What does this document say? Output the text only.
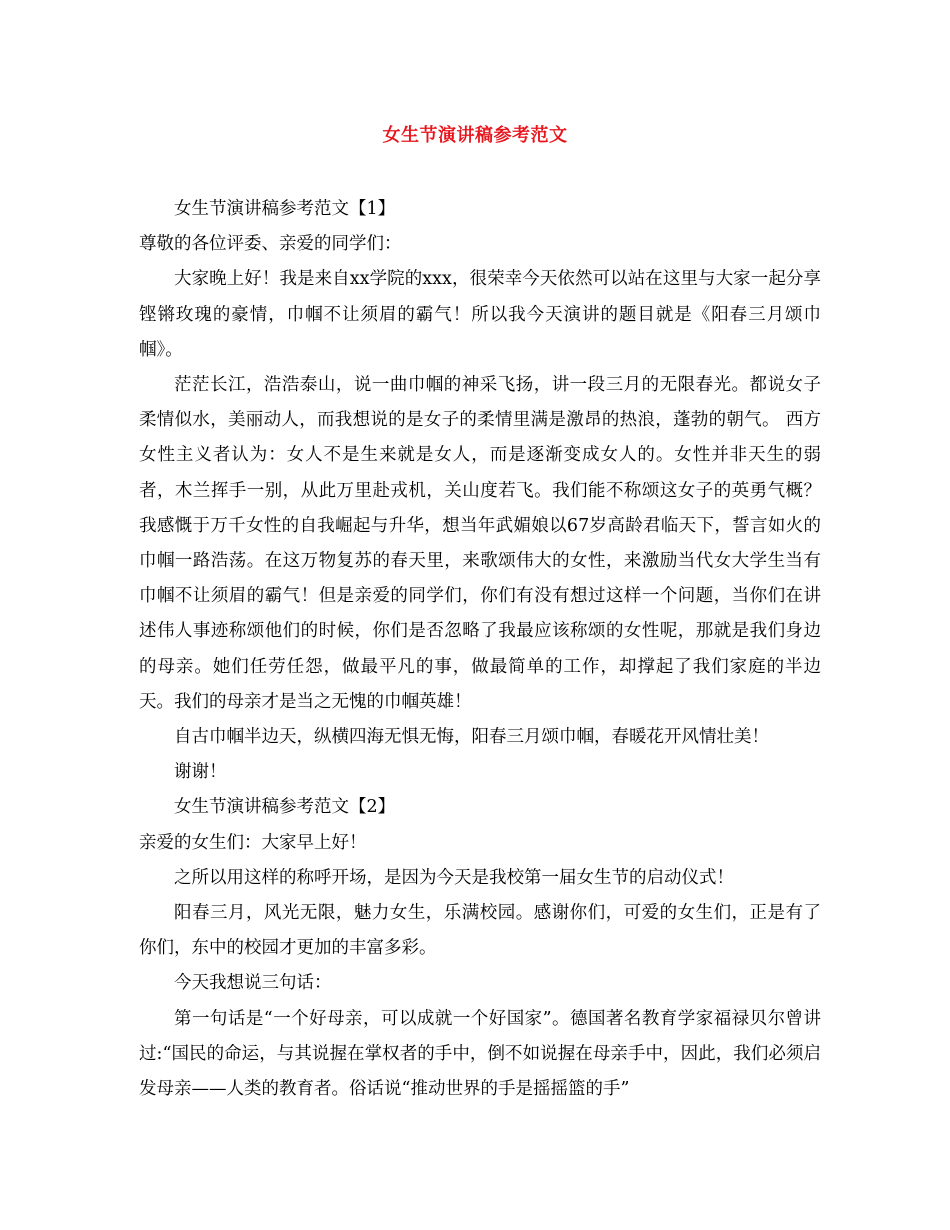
女生节演讲稿参考范文

女生节演讲稿参考范文【1】

尊敬的各位评委、亲爱的同学们：

大家晚上好！我是来自xx学院的xxx，很荣幸今天依然可以站在这里与大家一起分享铿锵玫瑰的豪情，巾帼不让须眉的霸气！所以我今天演讲的题目就是《阳春三月颂巾帼》。

茫茫长江，浩浩泰山，说一曲巾帼的神采飞扬，讲一段三月的无限春光。都说女子柔情似水，美丽动人，而我想说的是女子的柔情里满是激昂的热浪，蓬勃的朝气。 西方女性主义者认为：女人不是生来就是女人，而是逐渐变成女人的。女性并非天生的弱者，木兰挥手一别，从此万里赴戎机，关山度若飞。我们能不称颂这女子的英勇气概？我感慨于万千女性的自我崛起与升华，想当年武媚娘以67岁高龄君临天下，誓言如火的巾帼一路浩荡。在这万物复苏的春天里，来歌颂伟大的女性，来激励当代女大学生当有巾帼不让须眉的霸气！但是亲爱的同学们，你们有没有想过这样一个问题，当你们在讲述伟人事迹称颂他们的时候，你们是否忽略了我最应该称颂的女性呢，那就是我们身边的母亲。她们任劳任怨，做最平凡的事，做最简单的工作，却撑起了我们家庭的半边天。我们的母亲才是当之无愧的巾帼英雄！

自古巾帼半边天，纵横四海无惧无悔，阳春三月颂巾帼，春暖花开风情壮美！

谢谢！

女生节演讲稿参考范文【2】

亲爱的女生们：大家早上好！

之所以用这样的称呼开场，是因为今天是我校第一届女生节的启动仪式！

阳春三月，风光无限，魅力女生，乐满校园。感谢你们，可爱的女生们，正是有了你们，东中的校园才更加的丰富多彩。

今天我想说三句话：

第一句话是“一个好母亲，可以成就一个好国家”。德国著名教育学家福禄贝尔曾讲过:“国民的命运，与其说握在掌权者的手中，倒不如说握在母亲手中，因此，我们必须启发母亲——人类的教育者。俗话说“推动世界的手是摇摇篮的手”
